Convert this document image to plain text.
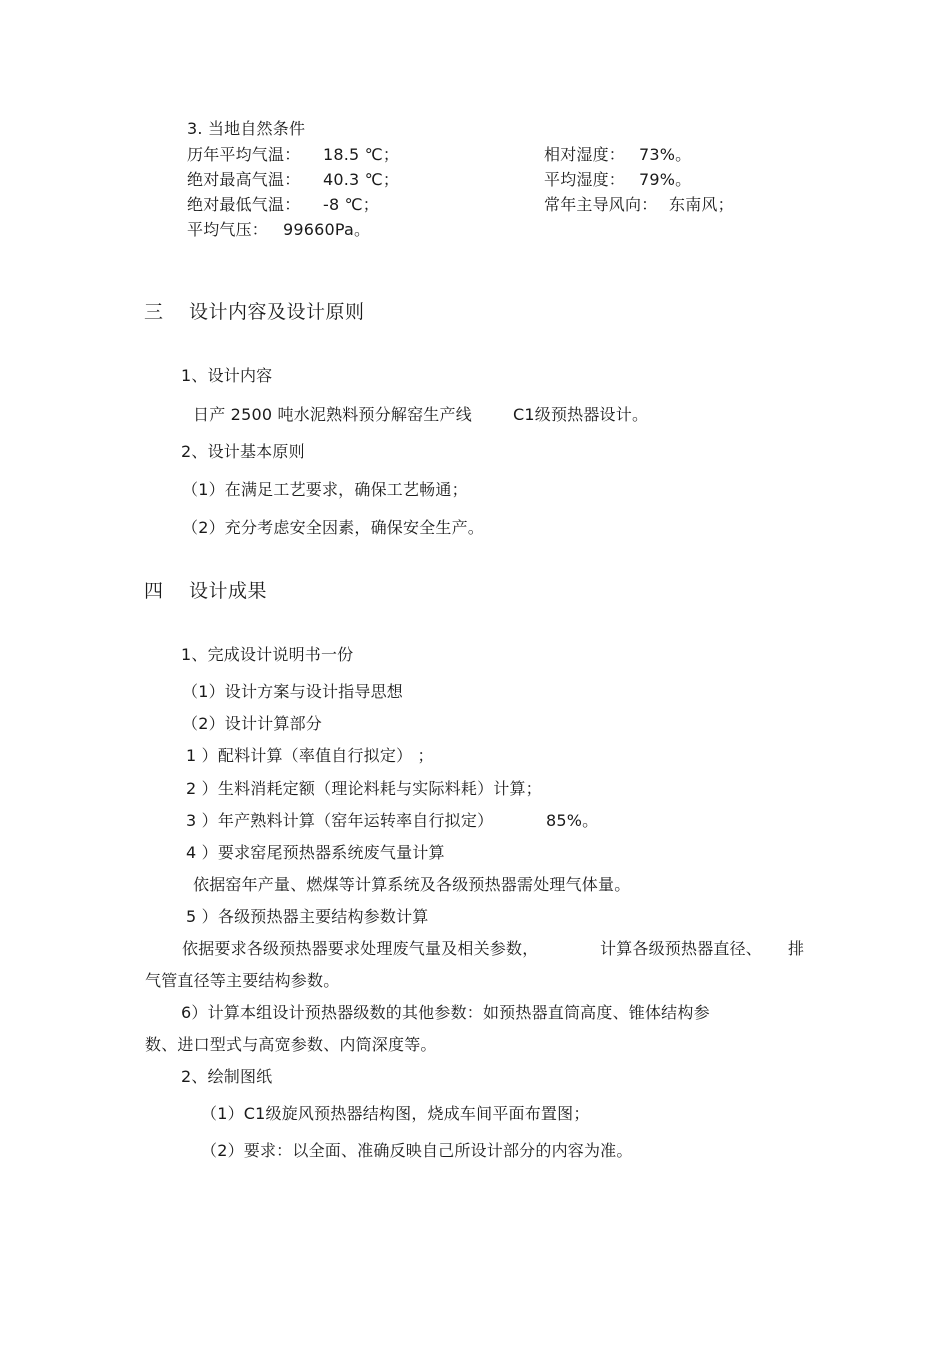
3. 当地自然条件
历年平均气温： 18.5 ℃；	相对湿度： 73%。
绝对最高气温： 40.3 ℃；	平均湿度： 79%。
绝对最低气温： -8 ℃；	常年主导风向： 东南风；
平均气压： 99660Pa。
三 设计内容及设计原则
1、设计内容
日产 2500 吨水泥熟料预分解窑生产线	C1级预热器设计。
2、设计基本原则
（1）在满足工艺要求，确保工艺畅通；
（2）充分考虑安全因素，确保安全生产。
四 设计成果
1、完成设计说明书一份
（1）设计方案与设计指导思想
（2）设计计算部分
1 ）配料计算（率值自行拟定） ；
2 ）生料消耗定额（理论料耗与实际料耗）计算；
3 ）年产熟料计算（窑年运转率自行拟定）	85%。
4 ）要求窑尾预热器系统废气量计算
依据窑年产量、燃煤等计算系统及各级预热器需处理气体量。
5 ）各级预热器主要结构参数计算
依据要求各级预热器要求处理废气量及相关参数，	计算各级预热器直径、 排
气管直径等主要结构参数。
6）计算本组设计预热器级数的其他参数：如预热器直筒高度、锥体结构参
数、进口型式与高宽参数、内筒深度等。
2、绘制图纸
（1）C1级旋风预热器结构图，烧成车间平面布置图；
（2）要求：以全面、准确反映自己所设计部分的内容为准。
